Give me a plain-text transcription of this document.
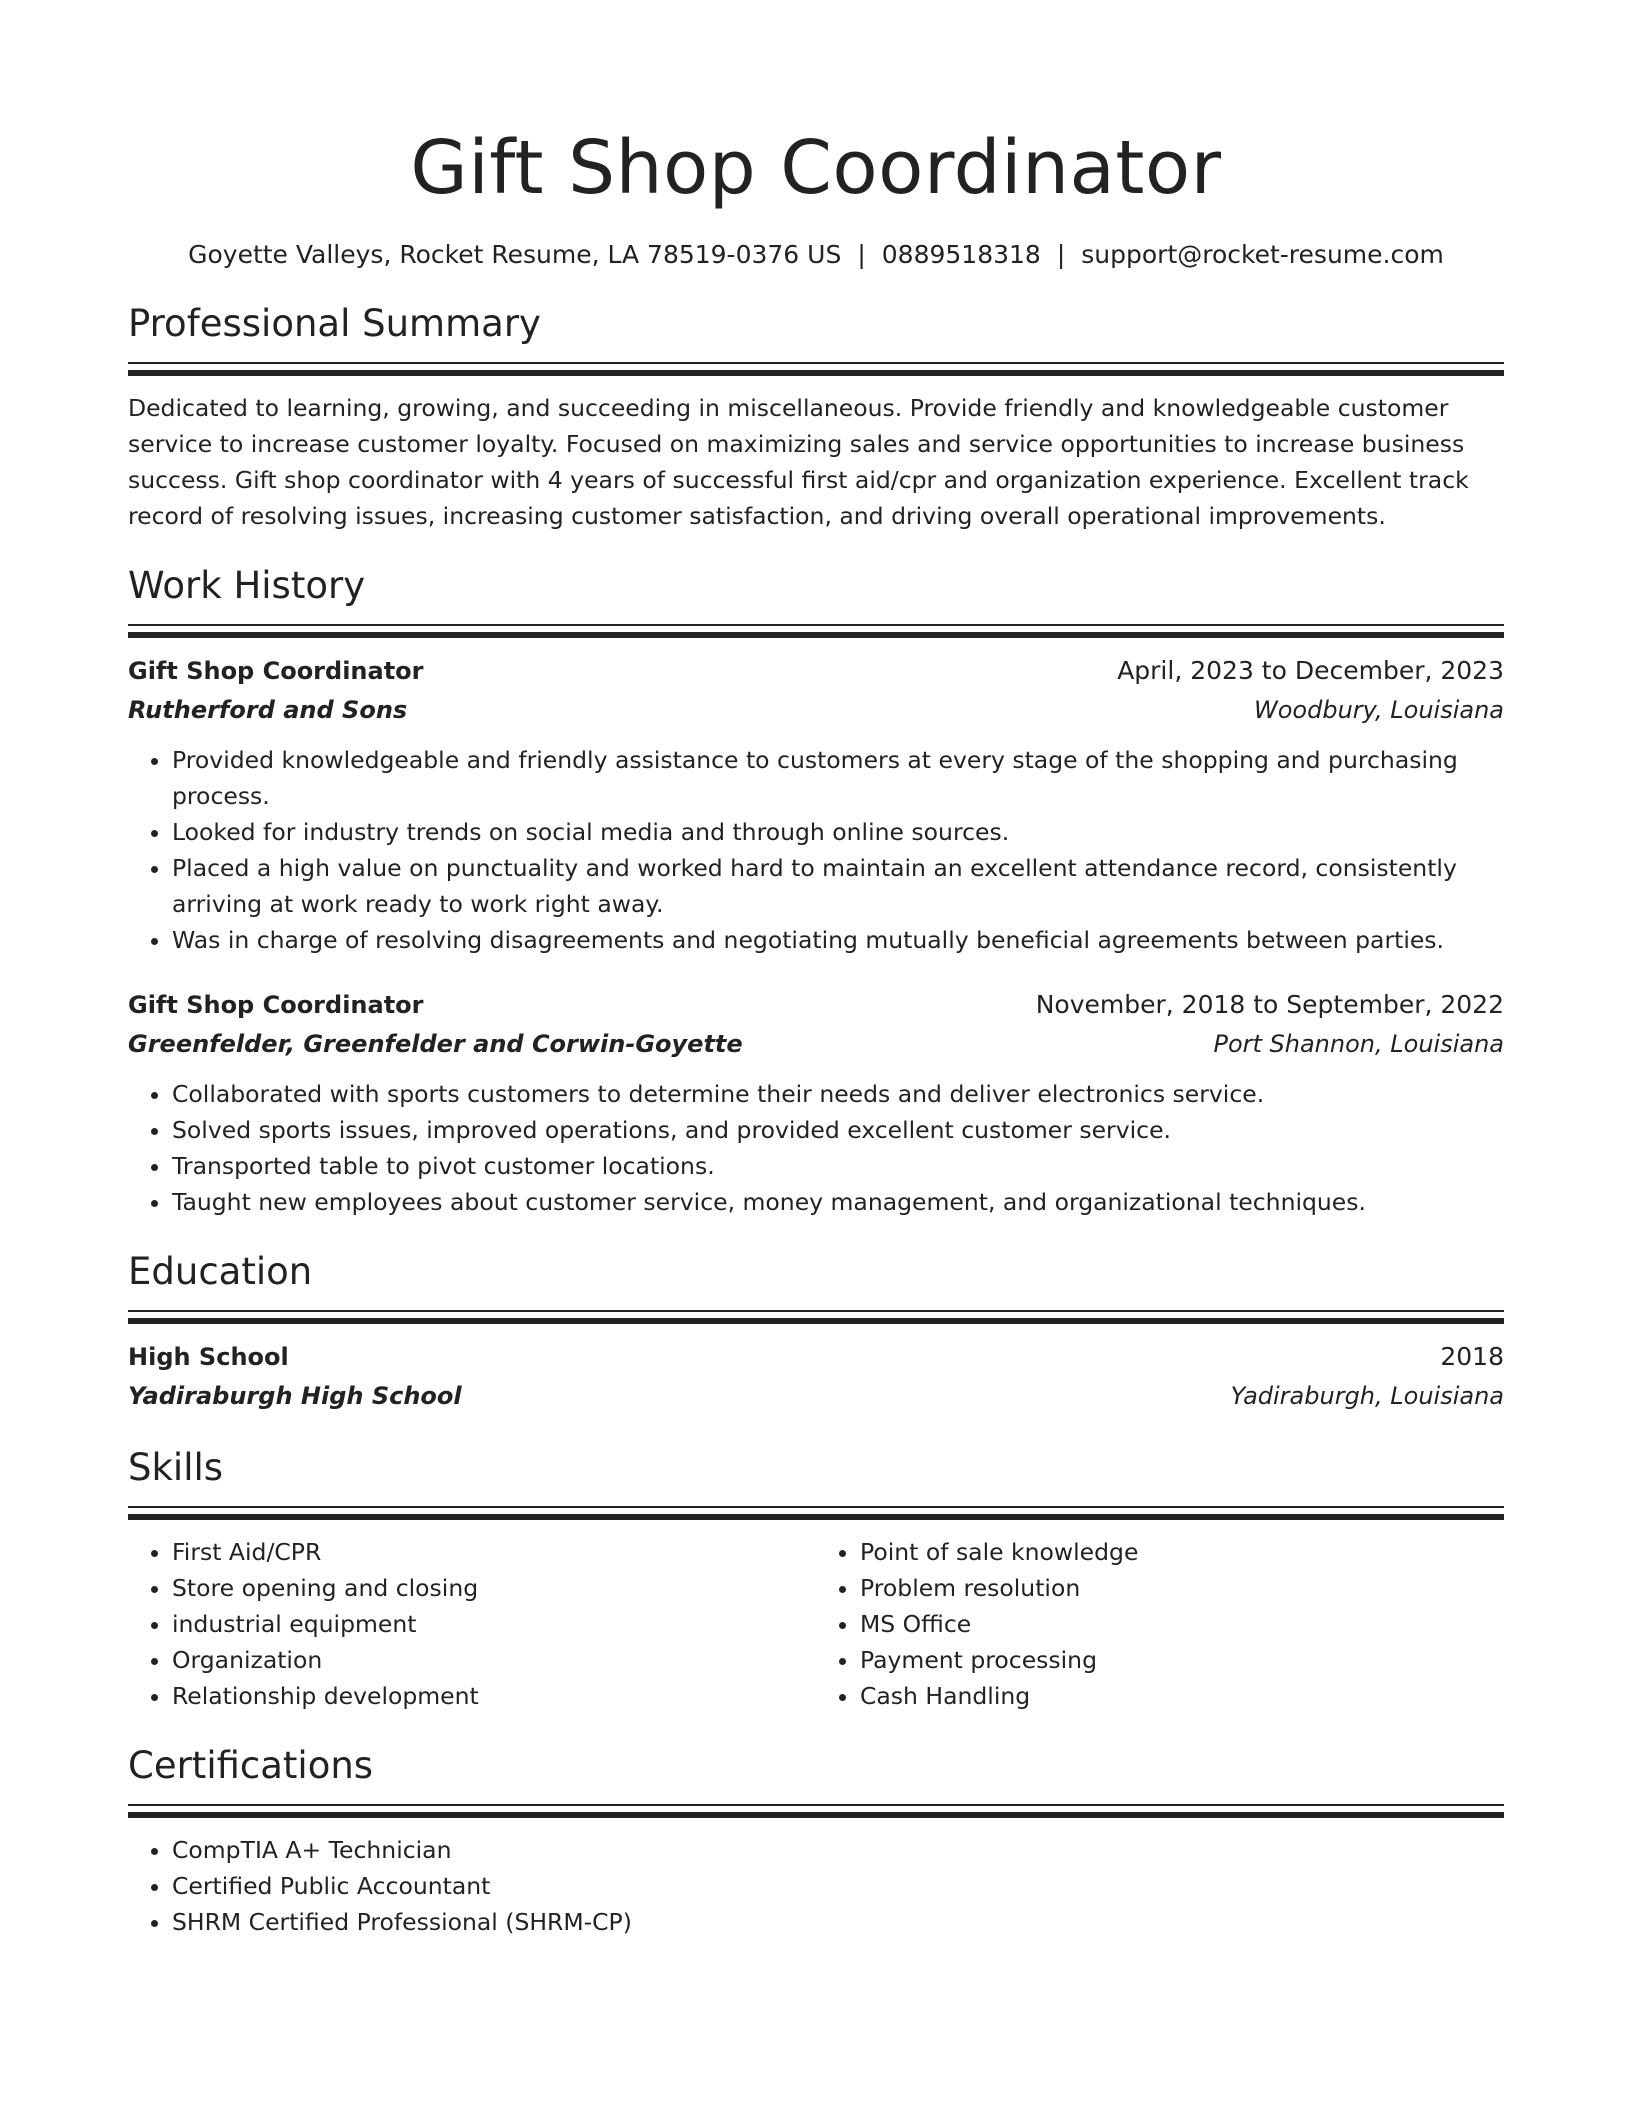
Gift Shop Coordinator
Goyette Valleys, Rocket Resume, LA 78519-0376 US | 0889518318 | support@rocket-resume.com
Professional Summary

Dedicated to learning, growing, and succeeding in miscellaneous. Provide friendly and knowledgeable customer service to increase customer loyalty. Focused on maximizing sales and service opportunities to increase business success. Gift shop coordinator with 4 years of successful first aid/cpr and organization experience. Excellent track record of resolving issues, increasing customer satisfaction, and driving overall operational improvements.

Work History
Gift Shop Coordinator	April, 2023 to December, 2023
Rutherford and Sons	Woodbury, Louisiana
• Provided knowledgeable and friendly assistance to customers at every stage of the shopping and purchasing process.
• Looked for industry trends on social media and through online sources.
• Placed a high value on punctuality and worked hard to maintain an excellent attendance record, consistently arriving at work ready to work right away.
• Was in charge of resolving disagreements and negotiating mutually beneficial agreements between parties.
Gift Shop Coordinator	November, 2018 to September, 2022
Greenfelder, Greenfelder and Corwin-Goyette	Port Shannon, Louisiana
• Collaborated with sports customers to determine their needs and deliver electronics service.
• Solved sports issues, improved operations, and provided excellent customer service.
• Transported table to pivot customer locations.
• Taught new employees about customer service, money management, and organizational techniques.
Education
High School	2018
Yadiraburgh High School	Yadiraburgh, Louisiana
Skills
• First Aid/CPR
• Store opening and closing
• industrial equipment
• Organization
• Relationship development
• Point of sale knowledge
• Problem resolution
• MS Office
• Payment processing
• Cash Handling
Certifications
• CompTIA A+ Technician
• Certified Public Accountant
• SHRM Certified Professional (SHRM-CP)
